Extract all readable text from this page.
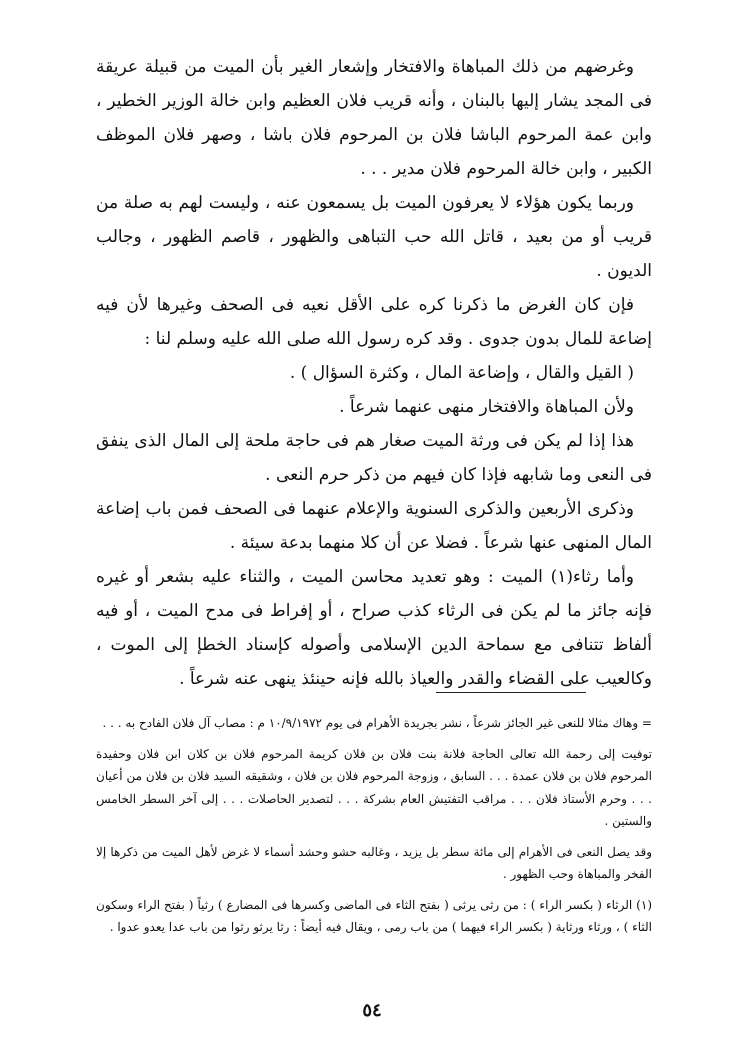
وغرضهم من ذلك المباهاة والافتخار وإشعار الغير بأن الميت من قبيلة عريقة فى المجد يشار إليها بالبنان ، وأنه قريب فلان العظيم وابن خالة الوزير الخطير ، وابن عمة المرحوم الباشا فلان بن المرحوم فلان باشا ، وصهر فلان الموظف الكبير ، وابن خالة المرحوم فلان مدير . . .

وربما يكون هؤلاء لا يعرفون الميت بل يسمعون عنه ، وليست لهم به صلة من قريب أو من بعيد ، قاتل الله حب التباهى والظهور ، قاصم الظهور ، وجالب الديون .

فإن كان الغرض ما ذكرنا كره على الأقل نعيه فى الصحف وغيرها لأن فيه إضاعة للمال بدون جدوى . وقد كره رسول الله صلى الله عليه وسلم لنا :

( القيل والقال ، وإضاعة المال ، وكثرة السؤال ) .

ولأن المباهاة والافتخار منهى عنهما شرعاً .

هذا إذا لم يكن فى ورثة الميت صغار هم فى حاجة ملحة إلى المال الذى ينفق فى النعى وما شابهه فإذا كان فيهم من ذكر حرم النعى .

وذكرى الأربعين والذكرى السنوية والإعلام عنهما فى الصحف فمن باب إضاعة المال المنهى عنها شرعاً . فضلا عن أن كلا منهما بدعة سيئة .

وأما رثاء(١) الميت : وهو تعديد محاسن الميت ، والثناء عليه بشعر أو غيره فإنه جائز ما لم يكن فى الرثاء كذب صراح ، أو إفراط فى مدح الميت ، أو فيه ألفاظ تتنافى مع سماحة الدين الإسلامى وأصوله كإسناد الخطإ إلى الموت ، وكالعيب على القضاء والقدر والعياذ بالله فإنه حينئذ ينهى عنه شرعاً .

= وهاك مثالا للنعى غير الجائز شرعاً ، نشر بجريدة الأهرام فى يوم ١٠/٩/١٩٧٢ م : مصاب آل فلان الفادح به . . .

توفيت إلى رحمة الله تعالى الحاجة فلانة بنت فلان بن فلان كريمة المرحوم فلان بن كلان ابن فلان وحفيدة المرحوم فلان بن فلان عمدة . . . السابق ، وزوجة المرحوم فلان بن فلان ، وشقيقه السيد فلان بن فلان من أعيان . . . وحرم الأستاذ فلان . . . مراقب التفتيش العام بشركة . . . لتصدير الحاصلات . . . إلى آخر السطر الخامس والستين .

وقد يصل النعى فى الأهرام إلى مائة سطر بل يزيد ، وغالبه حشو وحشد أسماء لا غرض لأهل الميت من ذكرها إلا الفخر والمباهاة وحب الظهور .

(١) الرثاء ( بكسر الراء ) : من رثى يرثى ( بفتح الثاء فى الماضى وكسرها فى المضارع ) رثياً ( بفتح الراء وسكون الثاء ) ، ورثاء ورثاية ( بكسر الراء فيهما ) من باب رمى ، ويقال فيه أيضاً : رثا يرثو رثوا من باب عدا يعدو عدوا .

٥٤
